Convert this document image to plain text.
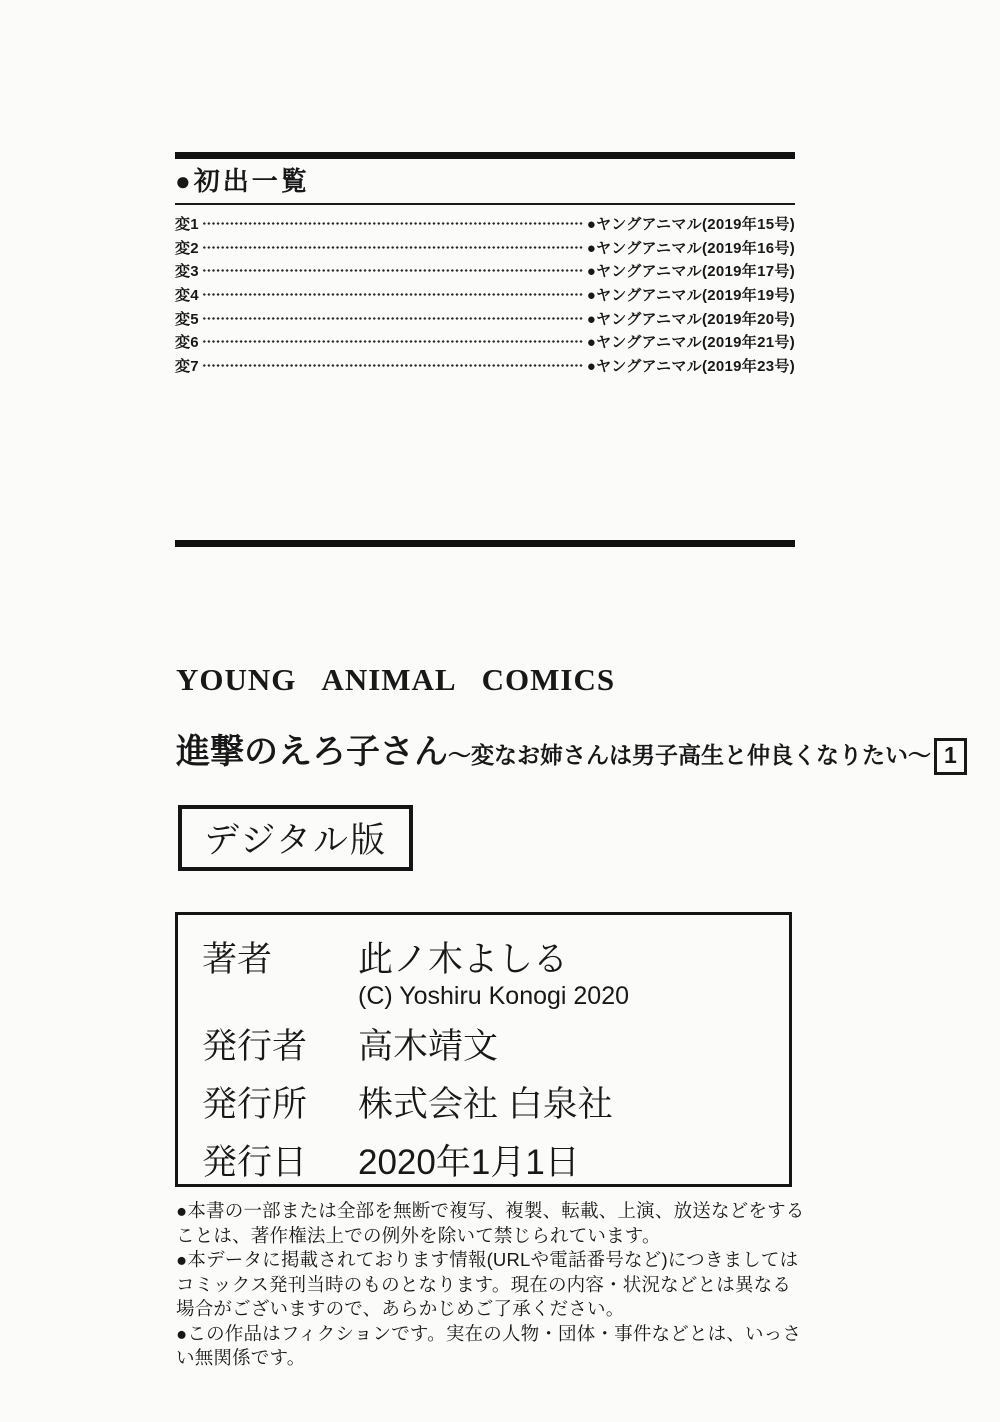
●初出一覧
変1	●ヤングアニマル(2019年15号)
変2	●ヤングアニマル(2019年16号)
変3	●ヤングアニマル(2019年17号)
変4	●ヤングアニマル(2019年19号)
変5	●ヤングアニマル(2019年20号)
変6	●ヤングアニマル(2019年21号)
変7	●ヤングアニマル(2019年23号)
YOUNG ANIMAL COMICS
進撃のえろ子さん ～変なお姉さんは男子高生と仲良くなりたい～ 1
デジタル版
著者	此ノ木よしる
(C) Yoshiru Konogi 2020
発行者	高木靖文
発行所	株式会社 白泉社
発行日	2020年1月1日

●本書の一部または全部を無断で複写、複製、転載、上演、放送などをすることは、著作権法上での例外を除いて禁じられています。

●本データに掲載されております情報(URLや電話番号など)につきましてはコミックス発刊当時のものとなります。現在の内容・状況などとは異なる場合がございますので、あらかじめご了承ください。

●この作品はフィクションです。実在の人物・団体・事件などとは、いっさい無関係です。
